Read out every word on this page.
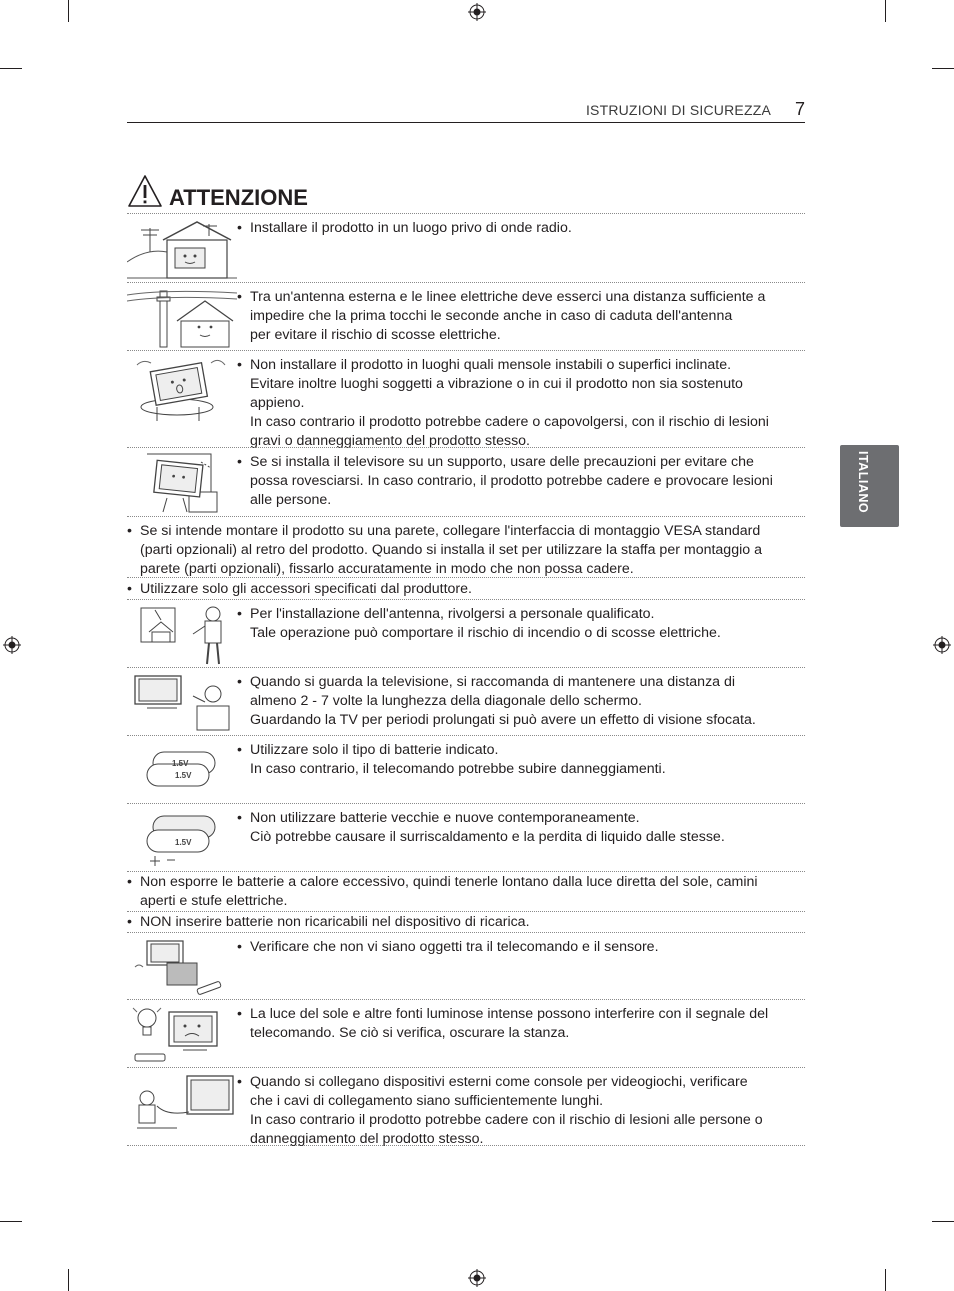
ISTRUZIONI DI SICUREZZA 7
ITALIANO
ATTENZIONE
• Installare il prodotto in un luogo privo di onde radio.
• Tra un'antenna esterna e le linee elettriche deve esserci una distanza sufficiente a
impedire che la prima tocchi le seconde anche in caso di caduta dell'antenna
per evitare il rischio di scosse elettriche.
• Non installare il prodotto in luoghi quali mensole instabili o superfici inclinate.
Evitare inoltre luoghi soggetti a vibrazione o in cui il prodotto non sia sostenuto
appieno.
In caso contrario il prodotto potrebbe cadere o capovolgersi, con il rischio di lesioni
gravi o danneggiamento del prodotto stesso.
• Se si installa il televisore su un supporto, usare delle precauzioni per evitare che
possa rovesciarsi. In caso contrario, il prodotto potrebbe cadere e provocare lesioni
alle persone.
• Se si intende montare il prodotto su una parete, collegare l'interfaccia di montaggio VESA standard
(parti opzionali) al retro del prodotto. Quando si installa il set per utilizzare la staffa per montaggio a
parete (parti opzionali), fissarlo accuratamente in modo che non possa cadere.
• Utilizzare solo gli accessori specificati dal produttore.
• Per l'installazione dell'antenna, rivolgersi a personale qualificato.
Tale operazione può comportare il rischio di incendio o di scosse elettriche.
• Quando si guarda la televisione, si raccomanda di mantenere una distanza di
almeno 2 - 7 volte la lunghezza della diagonale dello schermo.
Guardando la TV per periodi prolungati si può avere un effetto di visione sfocata.
1.5V
1.5V
• Utilizzare solo il tipo di batterie indicato.
In caso contrario, il telecomando potrebbe subire danneggiamenti.
1.5V
• Non utilizzare batterie vecchie e nuove contemporaneamente.
Ciò potrebbe causare il surriscaldamento e la perdita di liquido dalle stesse.
• Non esporre le batterie a calore eccessivo, quindi tenerle lontano dalla luce diretta del sole, camini
aperti e stufe elettriche.
• NON inserire batterie non ricaricabili nel dispositivo di ricarica.
• Verificare che non vi siano oggetti tra il telecomando e il sensore.
• La luce del sole e altre fonti luminose intense possono interferire con il segnale del
telecomando. Se ciò si verifica, oscurare la stanza.
• Quando si collegano dispositivi esterni come console per videogiochi, verificare
che i cavi di collegamento siano sufficientemente lunghi.
In caso contrario il prodotto potrebbe cadere con il rischio di lesioni alle persone o
danneggiamento del prodotto stesso.
